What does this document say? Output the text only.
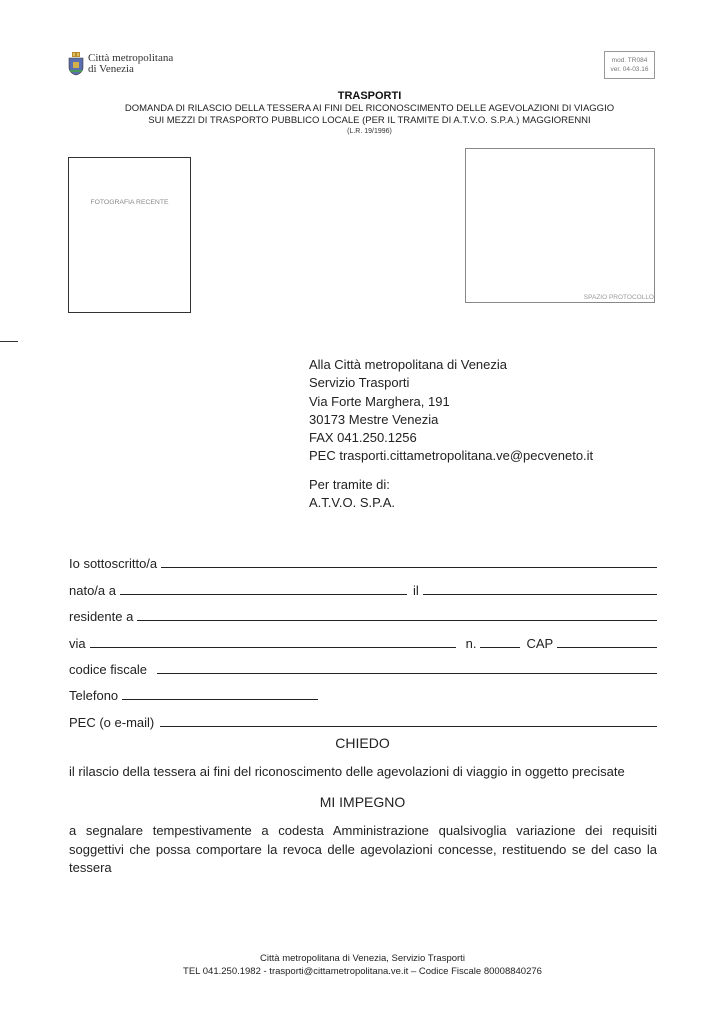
Città metropolitana
di Venezia
mod. TR084
ver. 04-03.16
TRASPORTI
DOMANDA DI RILASCIO DELLA TESSERA AI FINI DEL RICONOSCIMENTO DELLE AGEVOLAZIONI DI VIAGGIO
SUI MEZZI DI TRASPORTO PUBBLICO LOCALE (PER IL TRAMITE DI A.T.V.O. S.P.A.) MAGGIORENNI
(L.R. 19/1996)
FOTOGRAFIA RECENTE
SPAZIO PROTOCOLLO
Alla Città metropolitana di Venezia
Servizio Trasporti
Via Forte Marghera, 191
30173 Mestre Venezia
FAX 041.250.1256
PEC trasporti.cittametropolitana.ve@pecveneto.it
Per tramite di:
A.T.V.O. S.P.A.
Io sottoscritto/a
nato/a a	il
residente a
via	n.	CAP
codice fiscale
Telefono
PEC (o e-mail)
CHIEDO
il rilascio della tessera ai fini del riconoscimento delle agevolazioni di viaggio in oggetto precisate
MI IMPEGNO
a segnalare tempestivamente a codesta Amministrazione qualsivoglia variazione dei requisiti soggettivi che possa comportare la revoca delle agevolazioni concesse, restituendo se del caso la tessera
Città metropolitana di Venezia, Servizio Trasporti
TEL 041.250.1982 - trasporti@cittametropolitana.ve.it – Codice Fiscale 80008840276
